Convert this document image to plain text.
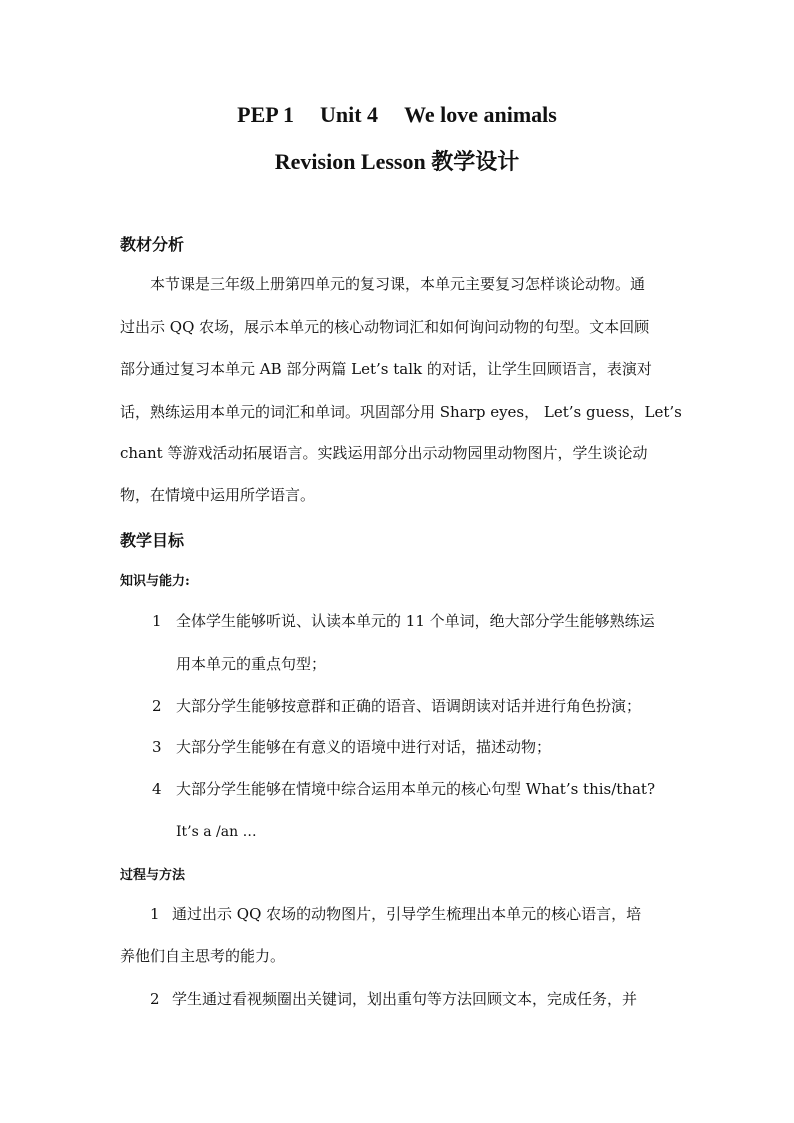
PEP 1 Unit 4 We love animals
Revision Lesson 教学设计
教材分析
本节课是三年级上册第四单元的复习课，本单元主要复习怎样谈论动物。通
过出示 QQ 农场，展示本单元的核心动物词汇和如何询问动物的句型。文本回顾
部分通过复习本单元 AB 部分两篇 Let’s talk 的对话，让学生回顾语言，表演对
话，熟练运用本单元的词汇和单词。巩固部分用 Sharp eyes， Let’s guess，Let’s
chant 等游戏活动拓展语言。实践运用部分出示动物园里动物图片，学生谈论动
物，在情境中运用所学语言。
教学目标
知识与能力:
1 全体学生能够听说、认读本单元的 11 个单词，绝大部分学生能够熟练运
用本单元的重点句型；
2 大部分学生能够按意群和正确的语音、语调朗读对话并进行角色扮演；
3 大部分学生能够在有意义的语境中进行对话，描述动物；
4 大部分学生能够在情境中综合运用本单元的核心句型 What’s this/that?
It’s a /an …
过程与方法
1 通过出示 QQ 农场的动物图片，引导学生梳理出本单元的核心语言，培
养他们自主思考的能力。
2 学生通过看视频圈出关键词，划出重句等方法回顾文本，完成任务，并
